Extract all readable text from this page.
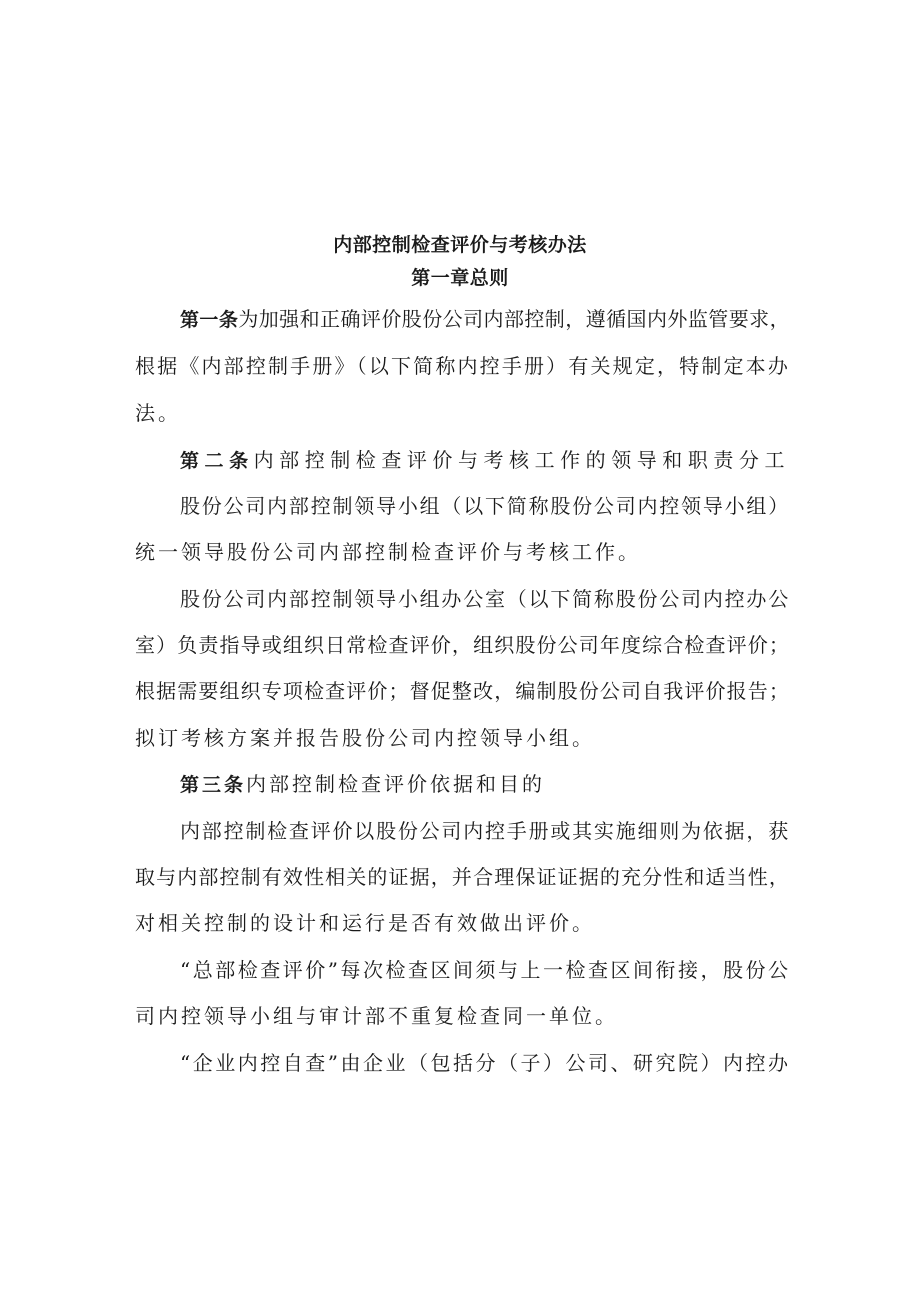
内部控制检查评价与考核办法
第一章总则
第一条为加强和正确评价股份公司内部控制，遵循国内外监管要求，
根据《内部控制手册》（以下简称内控手册）有关规定，特制定本办
法。
第二条内部控制检查评价与考核工作的领导和职责分工
股份公司内部控制领导小组（以下简称股份公司内控领导小组）
统一领导股份公司内部控制检查评价与考核工作。
股份公司内部控制领导小组办公室（以下简称股份公司内控办公
室）负责指导或组织日常检查评价，组织股份公司年度综合检查评价；
根据需要组织专项检查评价；督促整改，编制股份公司自我评价报告；
拟订考核方案并报告股份公司内控领导小组。
第三条内部控制检查评价依据和目的
内部控制检查评价以股份公司内控手册或其实施细则为依据，获
取与内部控制有效性相关的证据，并合理保证证据的充分性和适当性，
对相关控制的设计和运行是否有效做出评价。
“总部检查评价”每次检查区间须与上一检查区间衔接，股份公
司内控领导小组与审计部不重复检查同一单位。
“企业内控自查”由企业（包括分（子）公司、研究院）内控办
